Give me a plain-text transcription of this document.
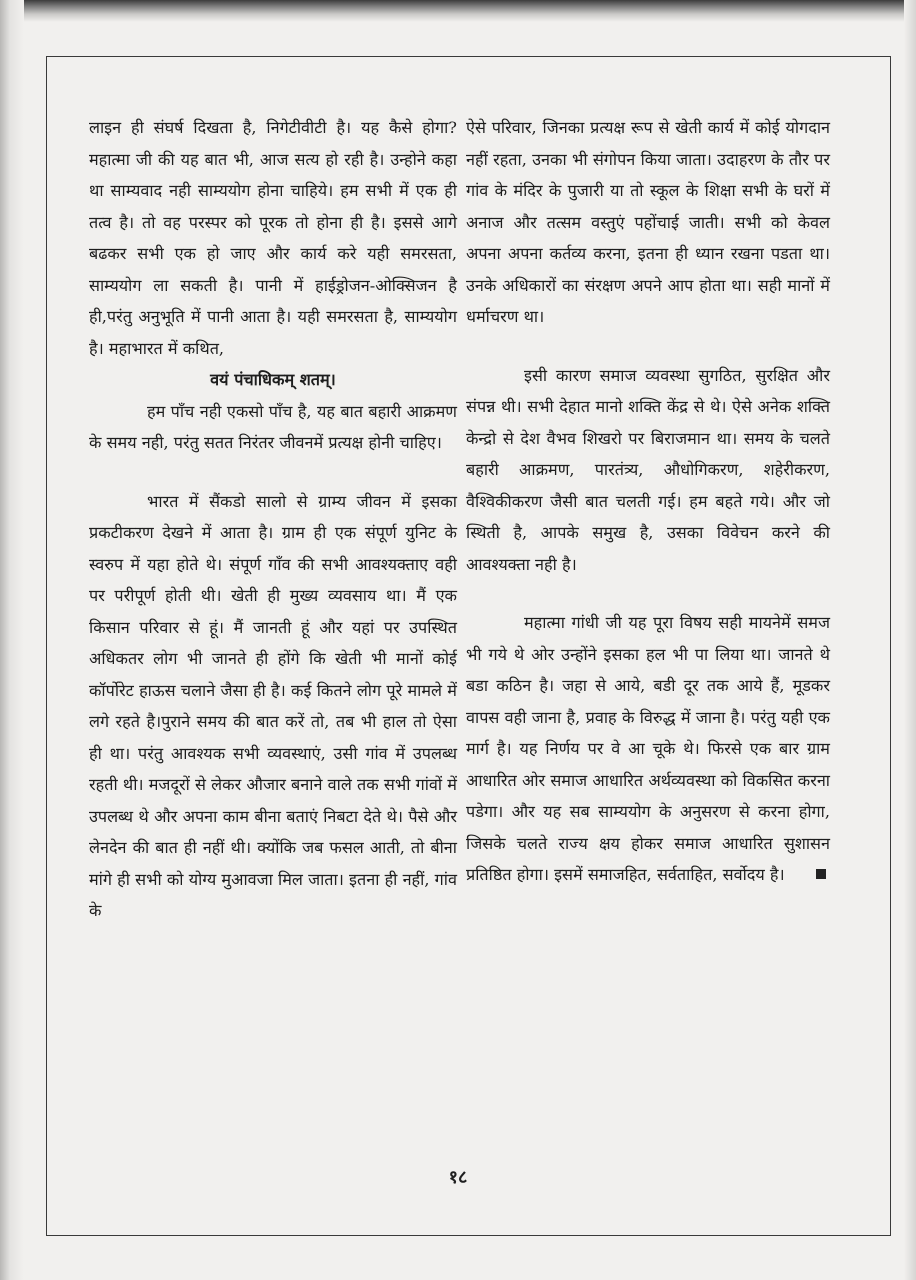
लाइन ही संघर्ष दिखता है, निगेटीवीटी है। यह कैसे होगा? महात्मा जी की यह बात भी, आज सत्य हो रही है। उन्होने कहा था साम्यवाद नही साम्ययोग होना चाहिये। हम सभी में एक ही तत्व है। तो वह परस्पर को पूरक तो होना ही है। इससे आगे बढकर सभी एक हो जाए और कार्य करे यही समरसता, साम्ययोग ला सकती है। पानी में हाईड्रोजन-ओक्सिजन है ही,परंतु अनुभूति में पानी आता है। यही समरसता है, साम्ययोग है। महाभारत में कथित,

वयं पंचाधिकम् शतम्।

हम पाँच नही एकसो पाँच है, यह बात बहारी आक्रमण के समय नही, परंतु सतत निरंतर जीवनमें प्रत्यक्ष होनी चाहिए।

भारत में सैंकडो सालो से ग्राम्य जीवन में इसका प्रकटीकरण देखने में आता है। ग्राम ही एक संपूर्ण युनिट के स्वरुप में यहा होते थे। संपूर्ण गाँव की सभी आवश्यक्ताए वही पर परीपूर्ण होती थी। खेती ही मुख्य व्यवसाय था। मैं एक किसान परिवार से हूं। मैं जानती हूं और यहां पर उपस्थित अधिकतर लोग भी जानते ही होंगे कि खेती भी मानों कोई कॉर्पोरेट हाऊस चलाने जैसा ही है। कई कितने लोग पूरे मामले में लगे रहते है।पुराने समय की बात करें तो, तब भी हाल तो ऐसा ही था। परंतु आवश्यक सभी व्यवस्थाएं, उसी गांव में उपलब्ध रहती थी। मजदूरों से लेकर औजार बनाने वाले तक सभी गांवों में उपलब्ध थे और अपना काम बीना बताएं निबटा देते थे। पैसे और लेनदेन की बात ही नहीं थी। क्योंकि जब फसल आती, तो बीना मांगे ही सभी को योग्य मुआवजा मिल जाता। इतना ही नहीं, गांव के

ऐसे परिवार, जिनका प्रत्यक्ष रूप से खेती कार्य में कोई योगदान नहीं रहता, उनका भी संगोपन किया जाता। उदाहरण के तौर पर गांव के मंदिर के पुजारी या तो स्कूल के शिक्षा सभी के घरों में अनाज और तत्सम वस्तुएं पहोंचाई जाती। सभी को केवल अपना अपना कर्तव्य करना, इतना ही ध्यान रखना पडता था। उनके अधिकारों का संरक्षण अपने आप होता था। सही मानों में धर्माचरण था।

इसी कारण समाज व्यवस्था सुगठित, सुरक्षित और संपन्न थी। सभी देहात मानो शक्ति केंद्र से थे। ऐसे अनेक शक्ति केन्द्रो से देश वैभव शिखरो पर बिराजमान था। समय के चलते बहारी आक्रमण, पारतंत्र्य, औधोगिकरण, शहेरीकरण, वैश्विकीकरण जैसी बात चलती गई। हम बहते गये। और जो स्थिती है, आपके समुख है, उसका विवेचन करने की आवश्यक्ता नही है।

महात्मा गांधी जी यह पूरा विषय सही मायनेमें समज भी गये थे ओर उन्होंने इसका हल भी पा लिया था। जानते थे बडा कठिन है। जहा से आये, बडी दूर तक आये हैं, मूडकर वापस वही जाना है, प्रवाह के विरुद्ध में जाना है। परंतु यही एक मार्ग है। यह निर्णय पर वे आ चूके थे। फिरसे एक बार ग्राम आधारित ओर समाज आधारित अर्थव्यवस्था को विकसित करना पडेगा। और यह सब साम्ययोग के अनुसरण से करना होगा, जिसके चलते राज्य क्षय होकर समाज आधारित सुशासन प्रतिष्ठित होगा। इसमें समाजहित, सर्वताहित, सर्वोदय है।

१८
